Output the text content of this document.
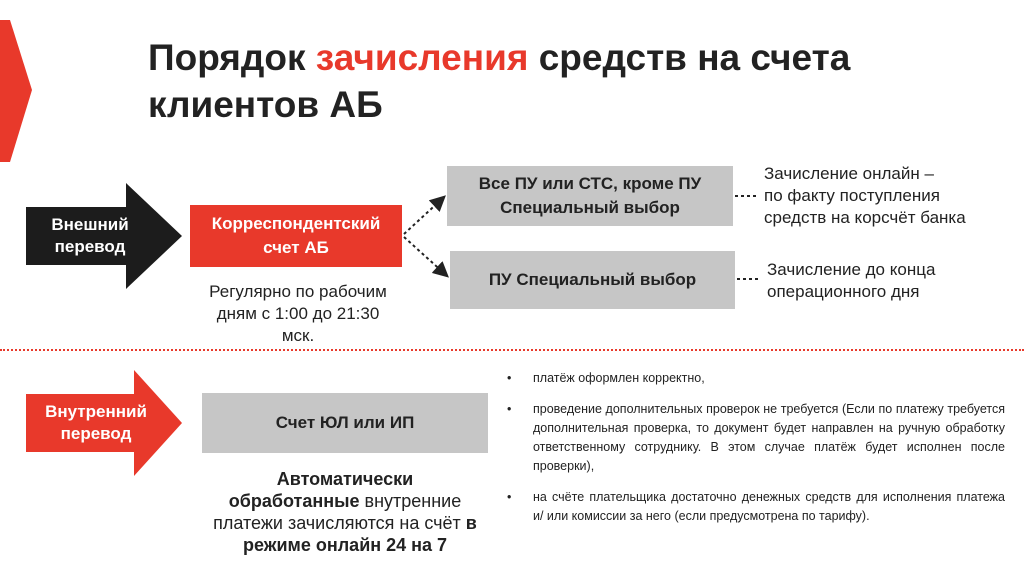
Порядок зачисления средств на счета клиентов АБ
Внешний
перевод
Корреспондентский
счет АБ
Регулярно по рабочим
дням с 1:00 до 21:30
мск.
Все ПУ или СТС, кроме ПУ
Специальный выбор
Зачисление онлайн –
по факту поступления
средств на корсчёт банка
ПУ Специальный выбор
Зачисление до конца
операционного дня
Внутренний
перевод
Счет ЮЛ или ИП
Автоматически
обработанные внутренние
платежи зачисляются на счёт в
режиме онлайн 24 на 7
• платёж оформлен корректно,
• проведение дополнительных проверок не требуется (Если по платежу требуется дополнительная проверка, то документ будет направлен на ручную обработку ответственному сотруднику. В этом случае платёж будет исполнен после проверки),
• на счёте плательщика достаточно денежных средств для исполнения платежа и/ или комиссии за него (если предусмотрена по тарифу).
